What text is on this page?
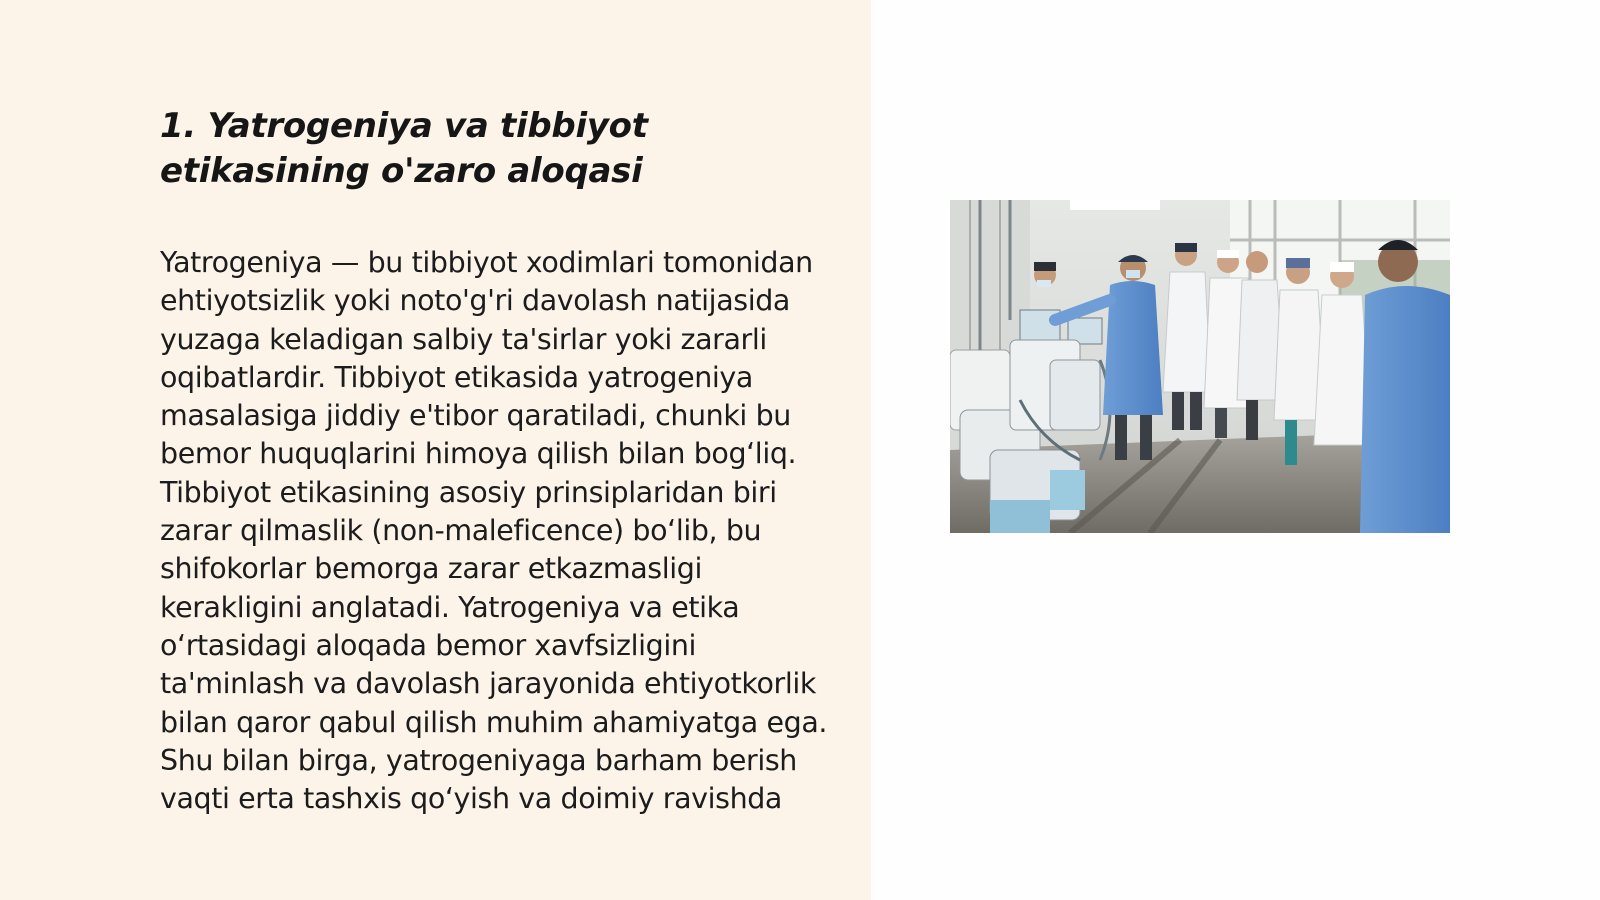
1. Yatrogeniya va tibbiyot etikasining o'zaro aloqasi

Yatrogeniya — bu tibbiyot xodimlari tomonidan ehtiyotsizlik yoki noto'g'ri davolash natijasida yuzaga keladigan salbiy ta'sirlar yoki zararli oqibatlardir. Tibbiyot etikasida yatrogeniya masalasiga jiddiy e'tibor qaratiladi, chunki bu bemor huquqlarini himoya qilish bilan bog‘liq. Tibbiyot etikasining asosiy prinsiplaridan biri zarar qilmaslik (non-maleficence) bo‘lib, bu shifokorlar bemorga zarar etkazmasligi kerakligini anglatadi. Yatrogeniya va etika o‘rtasidagi aloqada bemor xavfsizligini ta'minlash va davolash jarayonida ehtiyotkorlik bilan qaror qabul qilish muhim ahamiyatga ega. Shu bilan birga, yatrogeniyaga barham berish vaqti erta tashxis qo‘yish va doimiy ravishda
